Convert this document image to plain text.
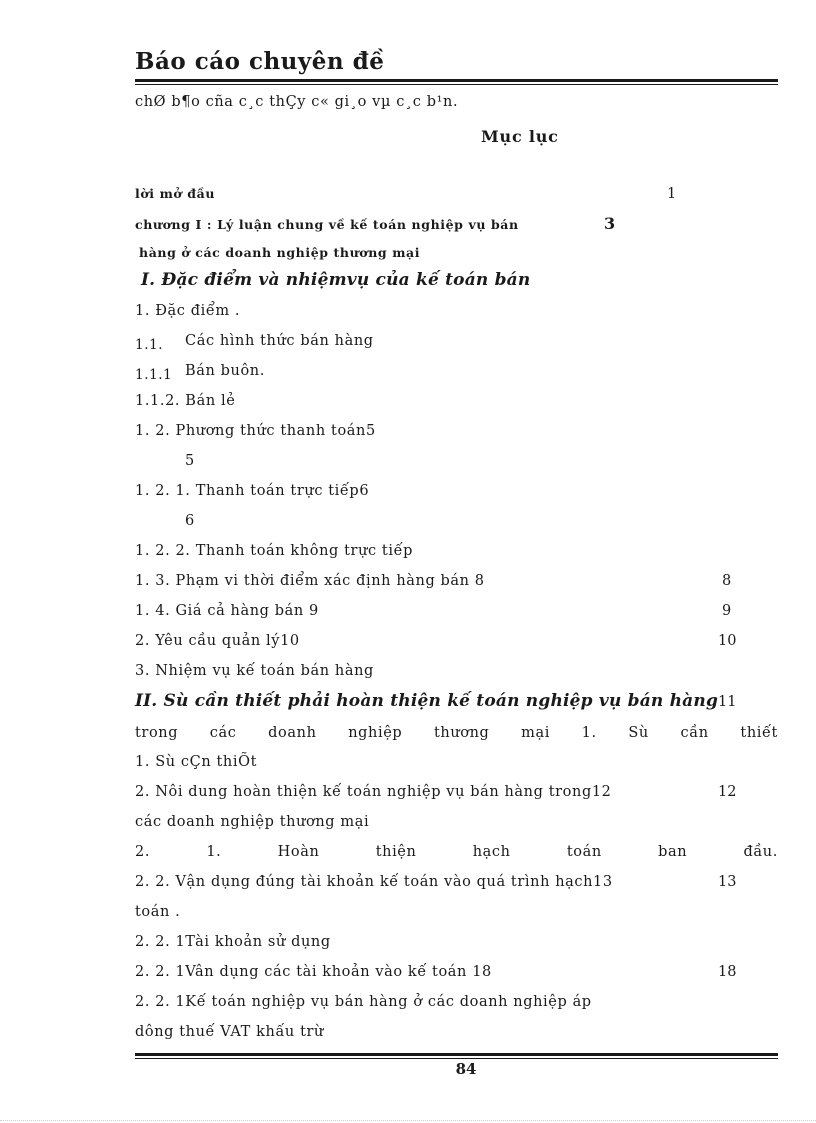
Báo cáo chuyên đề
chØ b¶o cña c¸c thÇy c« gi¸o vµ c¸c b¹n.
Mục lục
lời mở đầu	1
chương I : Lý luận chung về kế toán nghiệp vụ bán	3
hàng ở các doanh nghiệp thương mại
I. Đặc điểm và nhiệmvụ của kế toán bán
1. Đặc điểm .
1.1. Các hình thức bán hàng
1.1.1 Bán buôn.
1.1.2. Bán lẻ
1. 2. Phương thức thanh toán5
5
1. 2. 1. Thanh toán trực tiếp6
6
1. 2. 2. Thanh toán không trực tiếp
1. 3. Phạm vi thời điểm xác định hàng bán 8	8
1. 4. Giá cả hàng bán 9	9
2. Yêu cầu quản lý10	10
3. Nhiệm vụ kế toán bán hàng
II. Sù cần thiết phải hoàn thiện kế toán nghiệp vụ bán hàng 11
trong các doanh nghiệp thương mại 1. Sù cần thiết
1. Sù cÇn thiÕt
2. Nôi dung hoàn thiện kế toán nghiệp vụ bán hàng trong12	12
các doanh nghiệp thương mại
2.	1.	Hoàn	thiện	hạch	toán	ban	đầu.
2. 2. Vận dụng đúng tài khoản kế toán vào quá trình hạch13	13
toán .
2. 2. 1Tài khoản sử dụng
2. 2. 1Vân dụng các tài khoản vào kế toán 18	18
2. 2. 1Kế toán nghiệp vụ bán hàng ở các doanh nghiệp áp
dông thuế VAT khấu trừ
84
